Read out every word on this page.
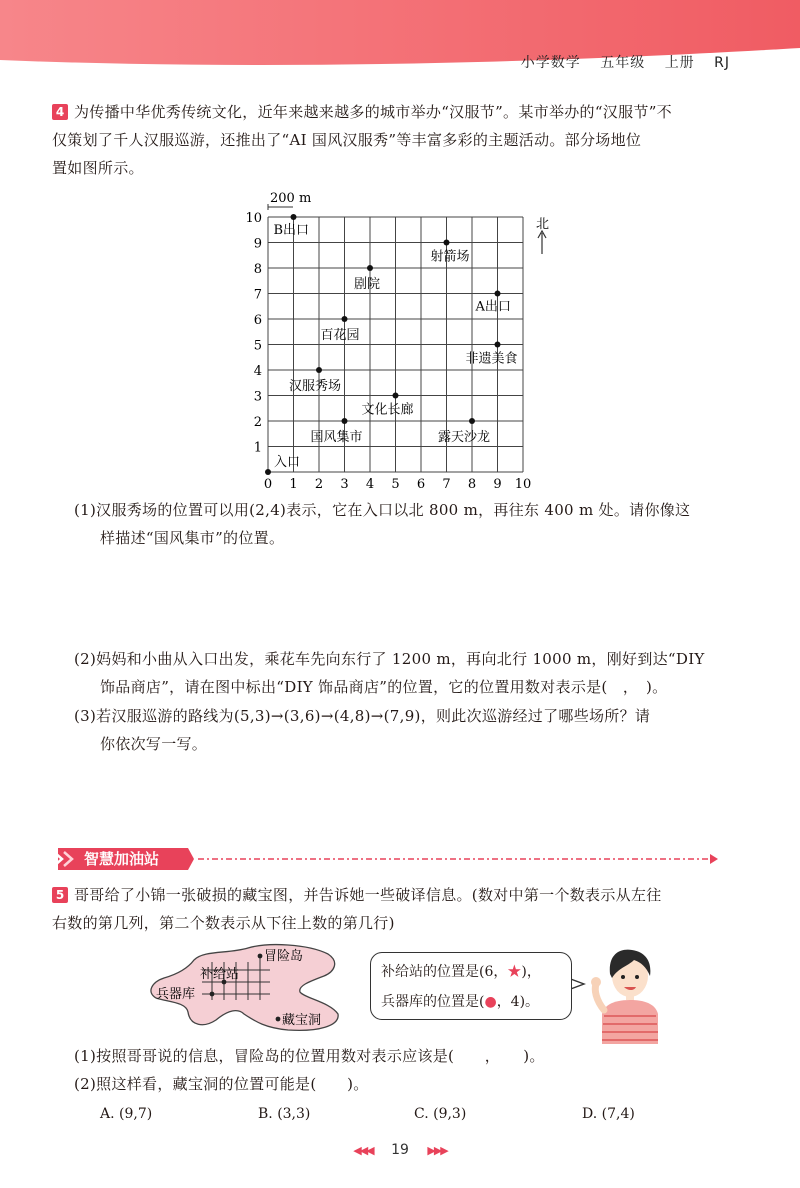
小学数学 五年级 上册 RJ
4 为传播中华优秀传统文化，近年来越来越多的城市举办“汉服节”。某市举办的“汉服节”不
仅策划了千人汉服巡游，还推出了“AI 国风汉服秀”等丰富多彩的主题活动。部分场地位
置如图所示。
0 1 2 3 4 5 6 7 8 9 10
1
2
3
4
5
6
7
8
9
10
入口
B出口
射箭场
剧院
A出口
百花园
非遗美食
汉服秀场
文化长廊
国风集市	露天沙龙
200 m
北
(1)汉服秀场的位置可以用(2,4)表示，它在入口以北 800 m，再往东 400 m 处。请你像这
样描述“国风集市”的位置。
(2)妈妈和小曲从入口出发，乘花车先向东行了 1200 m，再向北行 1000 m，刚好到达“DIY
饰品商店”，请在图中标出“DIY 饰品商店”的位置，它的位置用数对表示是(　，　)。
(3)若汉服巡游的路线为(5,3)→(3,6)→(4,8)→(7,9)，则此次巡游经过了哪些场所？请
你依次写一写。
智慧加油站
5 哥哥给了小锦一张破损的藏宝图，并告诉她一些破译信息。(数对中第一个数表示从左往
右数的第几列，第二个数表示从下往上数的第几行)
冒险岛
补给站
兵器库
藏宝洞
补给站的位置是(6，★)，
兵器库的位置是(●，4)。
(1)按照哥哥说的信息，冒险岛的位置用数对表示应该是(　　，　　)。
(2)照这样看，藏宝洞的位置可能是(　　)。
A. (9,7)	B. (3,3)	C. (9,3)	D. (7,4)
◀◀◀ 19 ▶▶▶
